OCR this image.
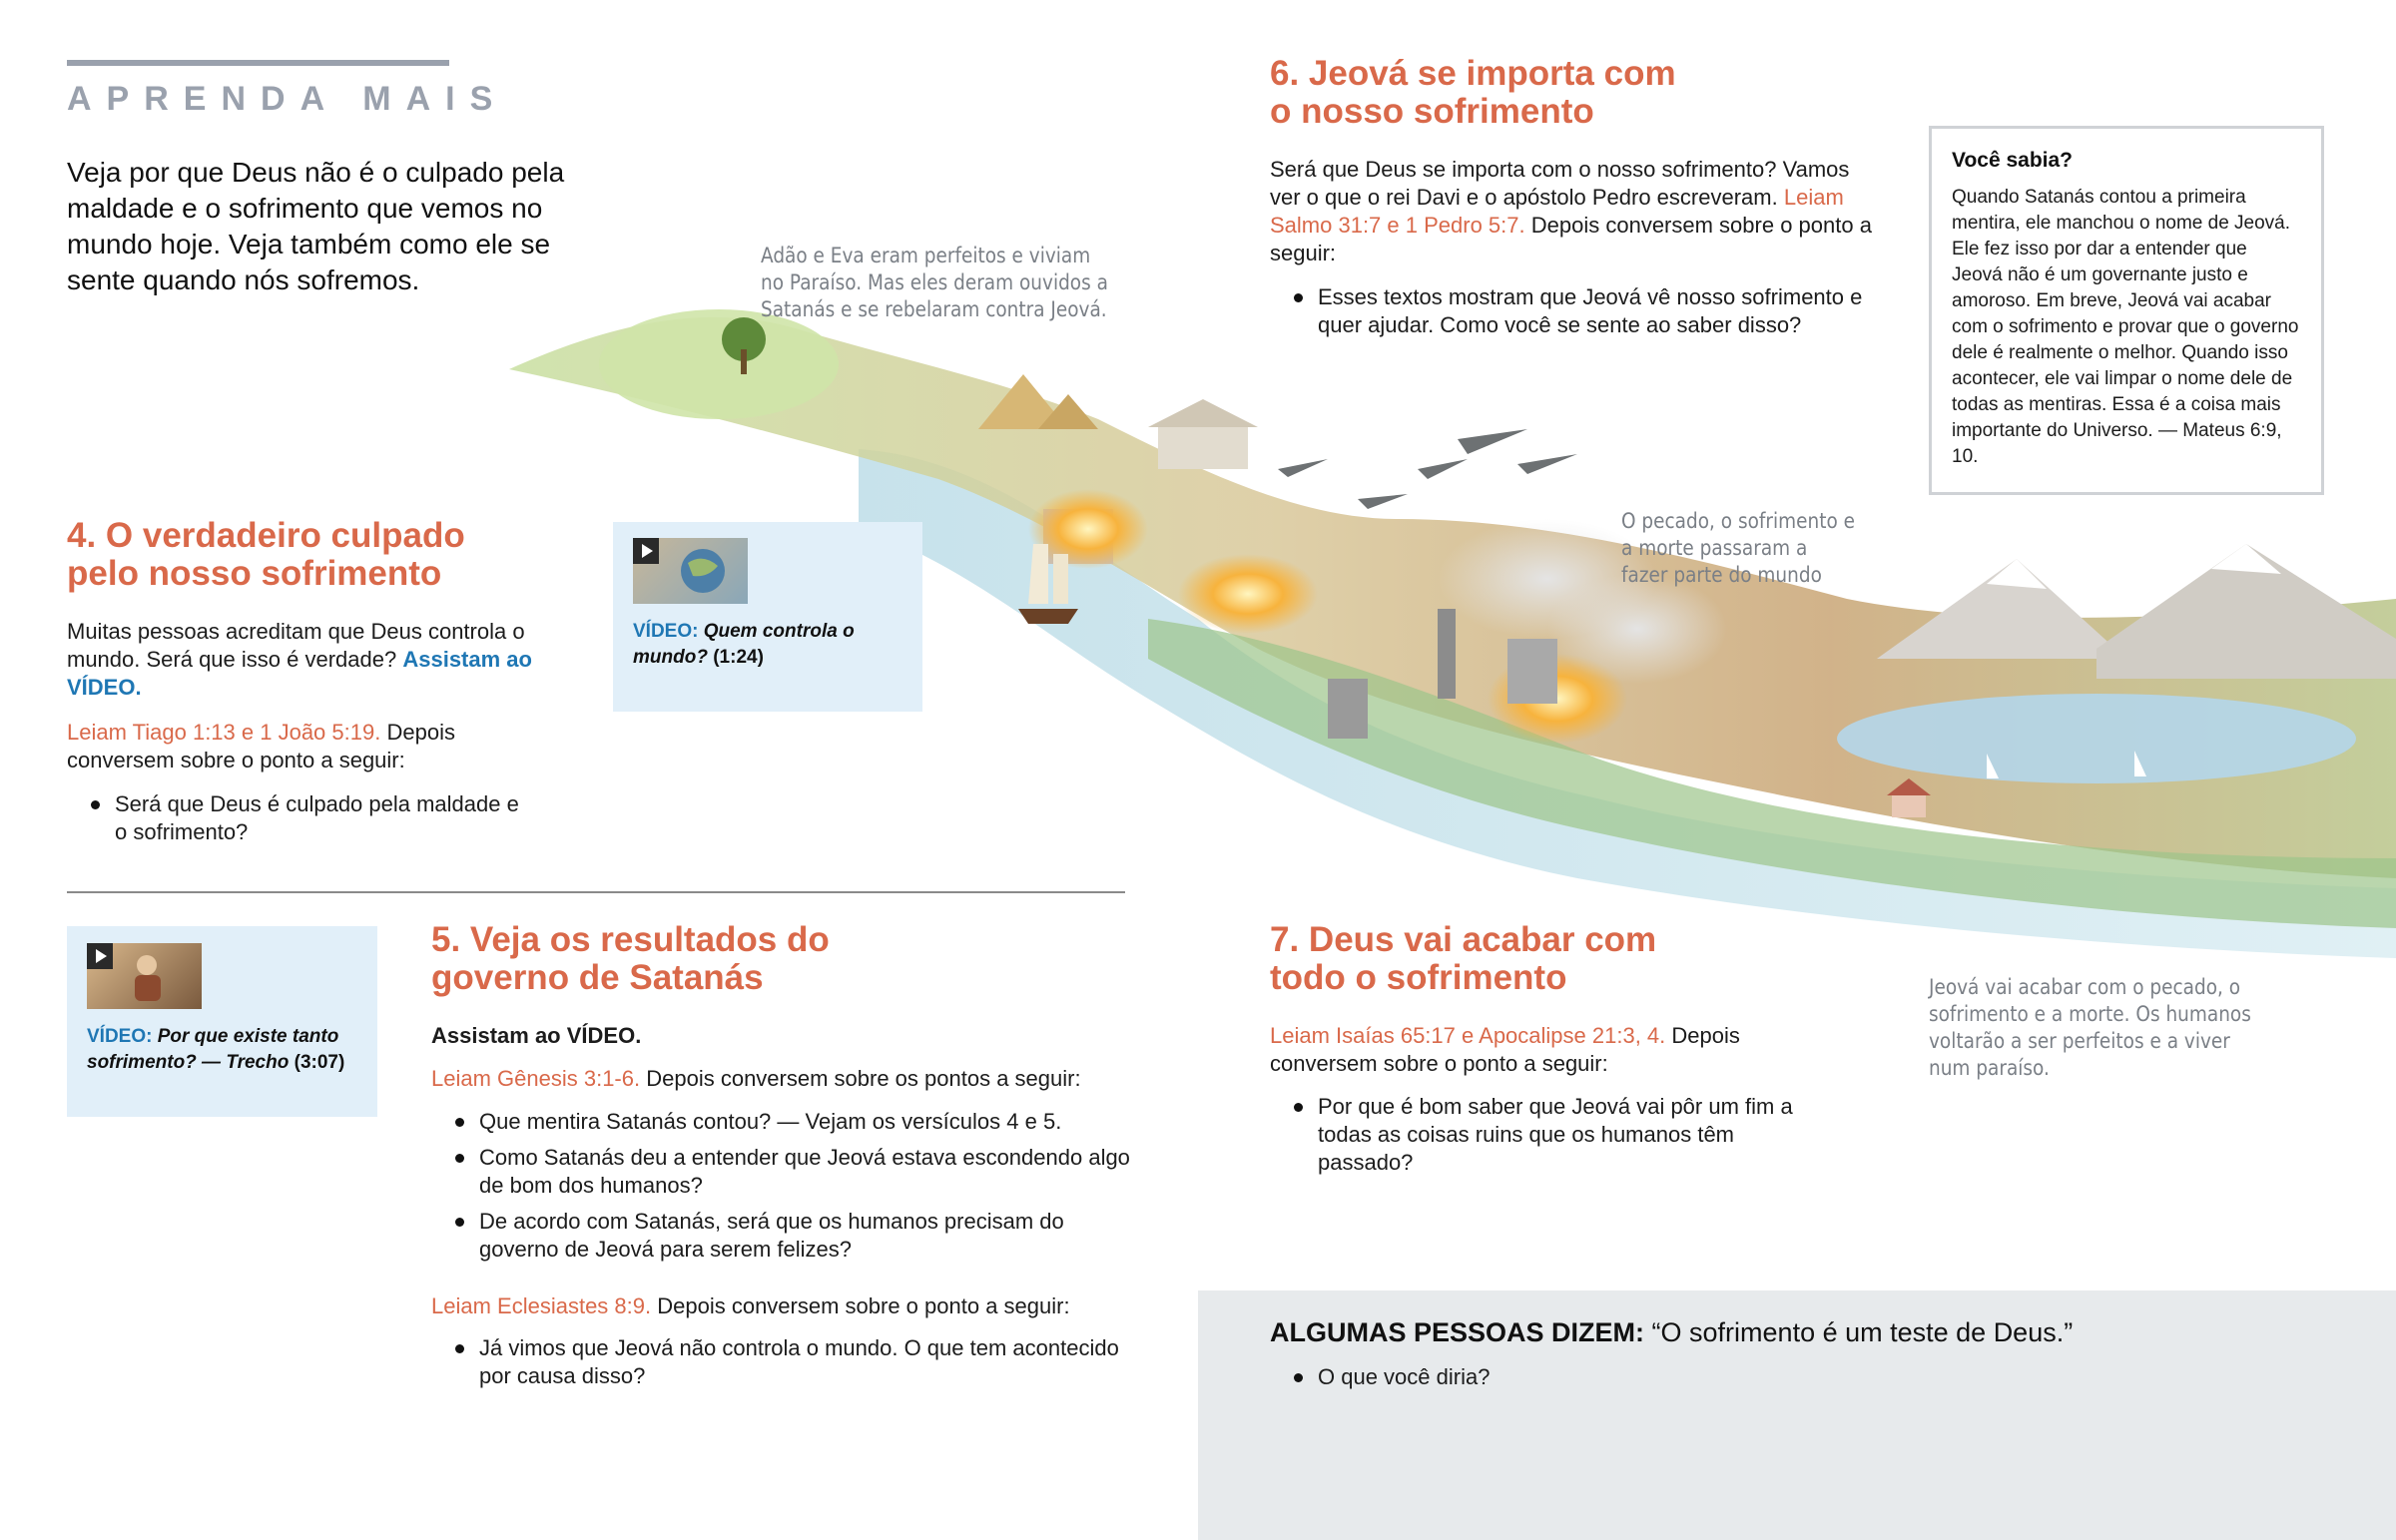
APRENDA MAIS
Veja por que Deus não é o culpado pela maldade e o sofrimento que vemos no mundo hoje. Veja também como ele se sente quando nós sofremos.
Adão e Eva eram perfeitos e viviam no Paraíso. Mas eles deram ouvidos a Satanás e se rebelaram contra Jeová.
O pecado, o sofrimento e a morte passaram a fazer parte do mundo
Jeová vai acabar com o pecado, o sofrimento e a morte. Os humanos voltarão a ser perfeitos e a viver num paraíso.
4. O verdadeiro culpado pelo nosso sofrimento
Muitas pessoas acreditam que Deus controla o mundo. Será que isso é verdade? Assistam ao VÍDEO.
Leiam Tiago 1:13 e 1 João 5:19. Depois conversem sobre o ponto a seguir:
Será que Deus é culpado pela maldade e o sofrimento?
VÍDEO: Quem controla o mundo? (1:24)
VÍDEO: Por que existe tanto sofrimento? — Trecho (3:07)
5. Veja os resultados do governo de Satanás
Assistam ao VÍDEO.
Leiam Gênesis 3:1-6. Depois conversem sobre os pontos a seguir:
Que mentira Satanás contou? — Vejam os versículos 4 e 5.
Como Satanás deu a entender que Jeová estava escondendo algo de bom dos humanos?
De acordo com Satanás, será que os humanos precisam do governo de Jeová para serem felizes?
Leiam Eclesiastes 8:9. Depois conversem sobre o ponto a seguir:
Já vimos que Jeová não controla o mundo. O que tem acontecido por causa disso?
6. Jeová se importa com o nosso sofrimento
Será que Deus se importa com o nosso sofrimento? Vamos ver o que o rei Davi e o apóstolo Pedro escreveram. Leiam Salmo 31:7 e 1 Pedro 5:7. Depois conversem sobre o ponto a seguir:
Esses textos mostram que Jeová vê nosso sofrimento e quer ajudar. Como você se sente ao saber disso?
Você sabia?

Quando Satanás contou a primeira mentira, ele manchou o nome de Jeová. Ele fez isso por dar a entender que Jeová não é um governante justo e amoroso. Em breve, Jeová vai acabar com o sofrimento e provar que o governo dele é realmente o melhor. Quando isso acontecer, ele vai limpar o nome dele de todas as mentiras. Essa é a coisa mais importante do Universo. — Mateus 6:9, 10.

7. Deus vai acabar com todo o sofrimento
Leiam Isaías 65:17 e Apocalipse 21:3, 4. Depois conversem sobre o ponto a seguir:
Por que é bom saber que Jeová vai pôr um fim a todas as coisas ruins que os humanos têm passado?
ALGUMAS PESSOAS DIZEM: “O sofrimento é um teste de Deus.”
O que você diria?
